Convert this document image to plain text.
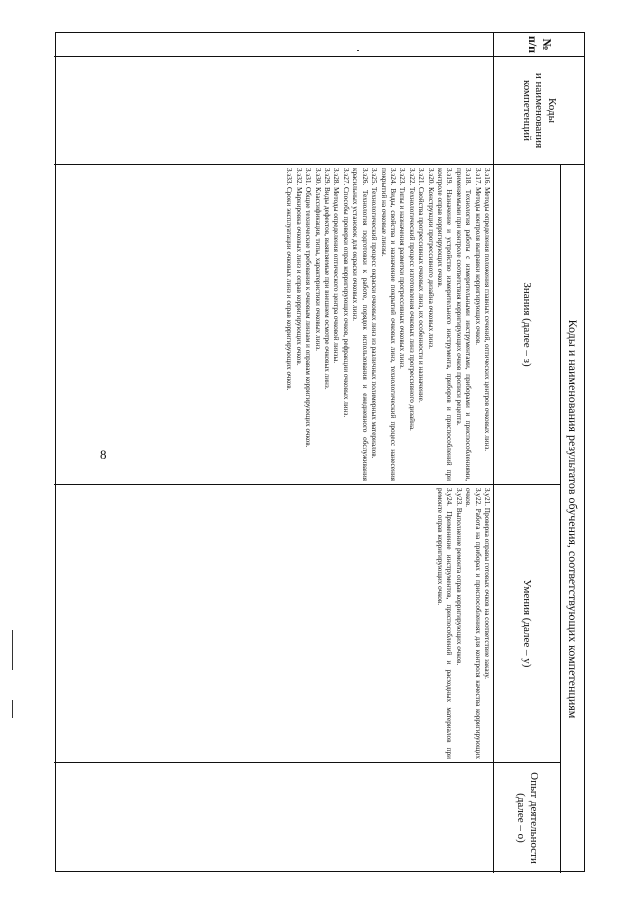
8
№
п/п
Коды
и наименования
компетенций
Коды и наименования результатов обучения, соответствующих компетенциям
Знания (далее – з)
Умения (далее – у)
Опыт деятельности
(далее – о)

3.з16. Методы определения положения главных сечений, оптических центров очковых линз.

3.з17. Методы контроля выправки корригирующих очков.

3.з18. Технология работы с измерительными инструментами, приборами и приспособлениями, применяемыми при контроле соответствия корригирующих очков прописи рецепта.

3.з19. Назначение и устройство измерительного инструмента, приборов и приспособлений при контроле оправ корригирующих очков.

3.з20. Конструкции прогрессивного дизайна очковых линз.

3.з21. Свойства прогрессивных очковых линз, их особенности и назначение.

3.з22. Технологический процесс изготовления очковых линз прогрессивного дизайна.

3.з23. Типы и назначения разметки прогрессивных очковых линз.

3.з24. Виды, свойства и назначение покрытий очковых линз, технологический процесс нанесения покрытий на очковые линзы.

3.з25. Технологический процесс окраски очковых линз из различных полимерных материалов.

3.з26. Технология подготовки к работе, порядок использования и ежедневного обслуживания красильных установок для окраски очковых линз.

3.з27. Способы проверки оправ корригирующих очков, рефракции очковых линз.

3.з28. Методы определения оптического центра очковой линзы.

3.з29. Виды дефектов, выявляемые при внешнем осмотре очковых линз.

3.з30. Классификация, типы, характеристики очковых линз.

3.з31. Общие технические требования к очковым линзам и оправам корригирующих очков.

3.з32. Маркировка очковых линз и оправ корригирующих очков.

3.з33. Сроки эксплуатации очковых линз и оправ корригирующих очков.

3.у21. Проверка оправы готовых очков на соответствие заказу.

3.у22. Работа на приборах и приспособлениях для контроля качества корригирующих очков.

3.у23. Выполнение ремонта оправ корригирующих очков.

3.у24. Применение инструментов, приспособлений и расходных материалов при ремонте оправ корригирующих очков.
